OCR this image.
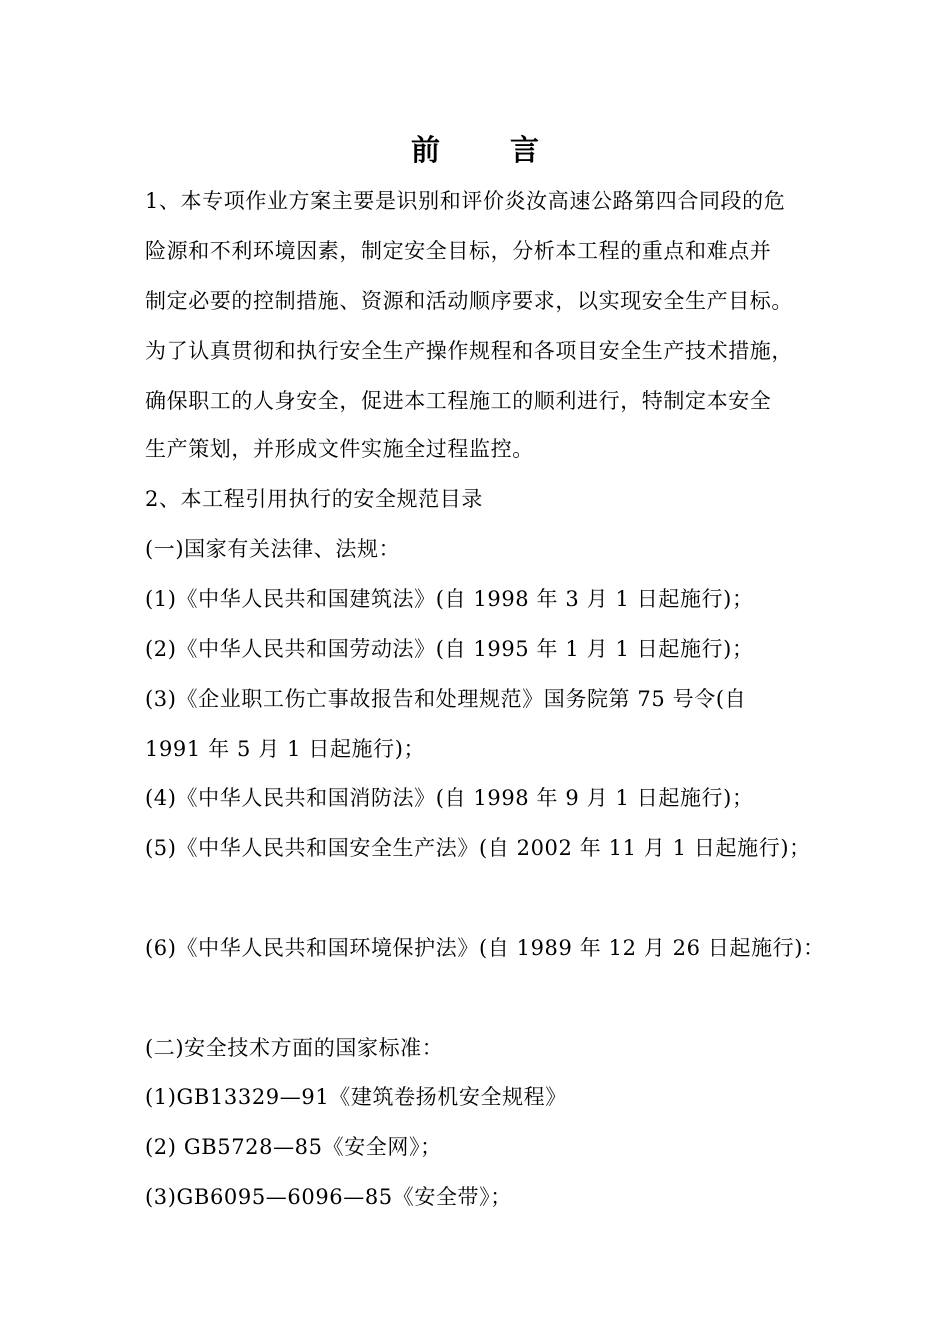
前 言
1、本专项作业方案主要是识别和评价炎汝高速公路第四合同段的危
险源和不利环境因素，制定安全目标，分析本工程的重点和难点并
制定必要的控制措施、资源和活动顺序要求，以实现安全生产目标。
为了认真贯彻和执行安全生产操作规程和各项目安全生产技术措施，
确保职工的人身安全，促进本工程施工的顺利进行，特制定本安全
生产策划，并形成文件实施全过程监控。
2、本工程引用执行的安全规范目录
(一)国家有关法律、法规：
(1)《中华人民共和国建筑法》(自 1998 年 3 月 1 日起施行)；
(2)《中华人民共和国劳动法》(自 1995 年 1 月 1 日起施行)；
(3)《企业职工伤亡事故报告和处理规范》国务院第 75 号令(自
1991 年 5 月 1 日起施行)；
(4)《中华人民共和国消防法》(自 1998 年 9 月 1 日起施行)；
(5)《中华人民共和国安全生产法》(自 2002 年 11 月 1 日起施行)；
(6)《中华人民共和国环境保护法》(自 1989 年 12 月 26 日起施行)：
(二)安全技术方面的国家标准：
(1)GB13329—91《建筑卷扬机安全规程》
(2) GB5728—85《安全网》；
(3)GB6095—6096—85《安全带》；
